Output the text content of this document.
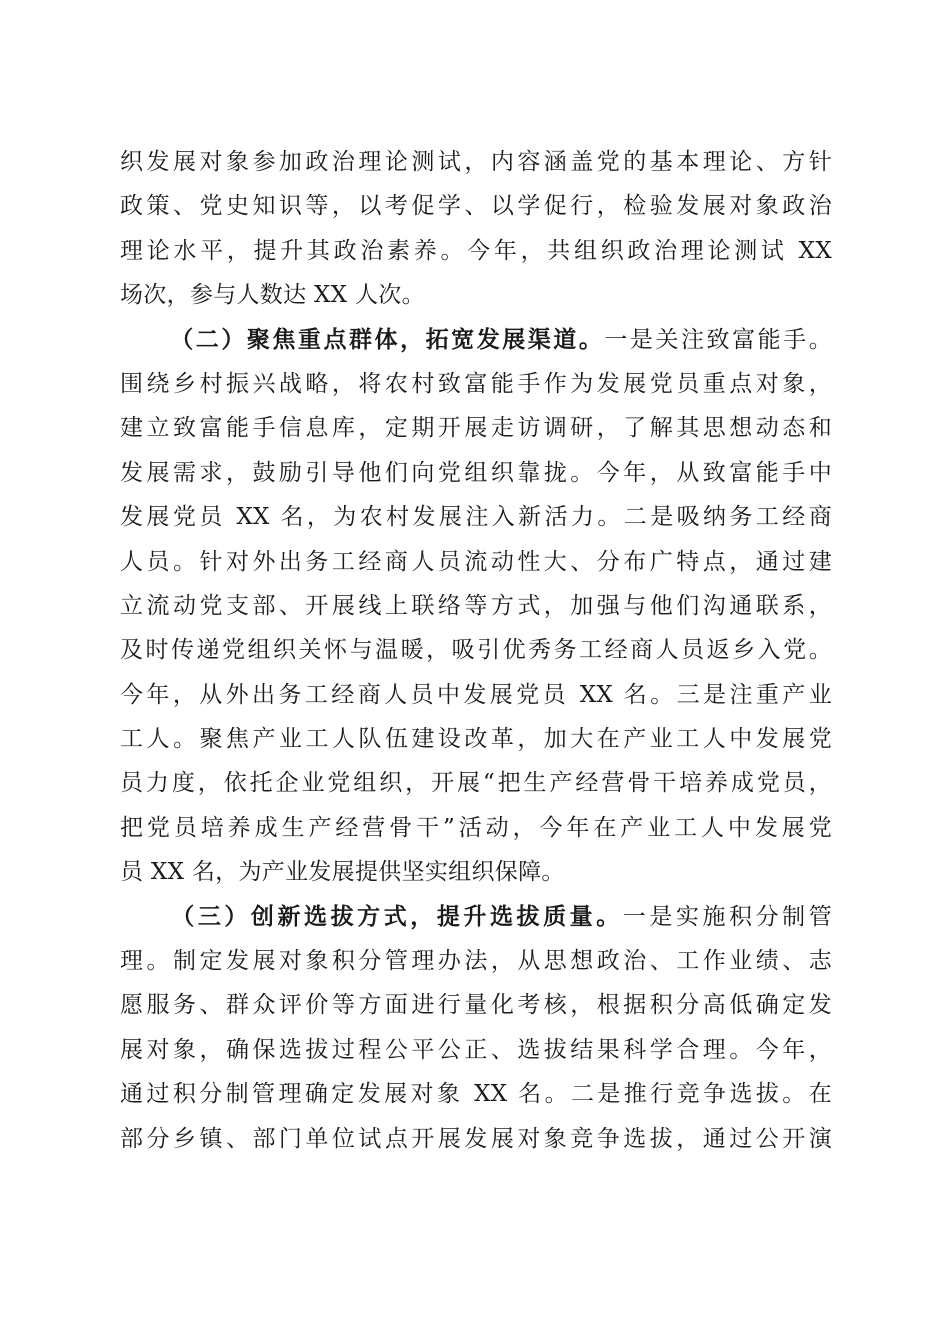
织发展对象参加政治理论测试，内容涵盖党的基本理论、方针
政策、党史知识等，以考促学、以学促行，检验发展对象政治
理论水平，提升其政治素养。今年，共组织政治理论测试 XX
场次，参与人数达 XX 人次。
（二）聚焦重点群体，拓宽发展渠道。一是关注致富能手。
围绕乡村振兴战略，将农村致富能手作为发展党员重点对象，
建立致富能手信息库，定期开展走访调研，了解其思想动态和
发展需求，鼓励引导他们向党组织靠拢。今年，从致富能手中
发展党员 XX 名，为农村发展注入新活力。二是吸纳务工经商
人员。针对外出务工经商人员流动性大、分布广特点，通过建
立流动党支部、开展线上联络等方式，加强与他们沟通联系，
及时传递党组织关怀与温暖，吸引优秀务工经商人员返乡入党。
今年，从外出务工经商人员中发展党员 XX 名。三是注重产业
工人。聚焦产业工人队伍建设改革，加大在产业工人中发展党
员力度，依托企业党组织，开展“把生产经营骨干培养成党员，
把党员培养成生产经营骨干”活动，今年在产业工人中发展党
员 XX 名，为产业发展提供坚实组织保障。
（三）创新选拔方式，提升选拔质量。一是实施积分制管
理。制定发展对象积分管理办法，从思想政治、工作业绩、志
愿服务、群众评价等方面进行量化考核，根据积分高低确定发
展对象，确保选拔过程公平公正、选拔结果科学合理。今年，
通过积分制管理确定发展对象 XX 名。二是推行竞争选拔。在
部分乡镇、部门单位试点开展发展对象竞争选拔，通过公开演
